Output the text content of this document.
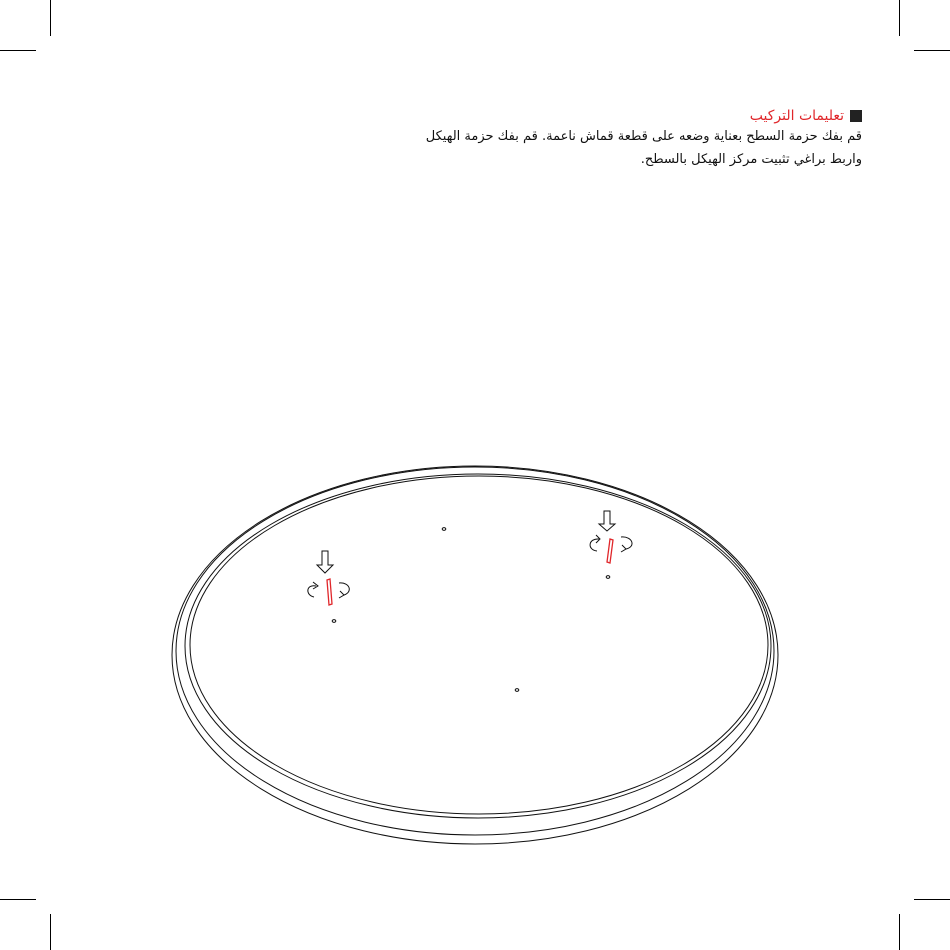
تعليمات التركيب

قم بفك حزمة السطح بعناية وضعه على قطعة قماش ناعمة. قم بفك حزمة الهيكل

واربط براغي تثبيت مركز الهيكل بالسطح.
